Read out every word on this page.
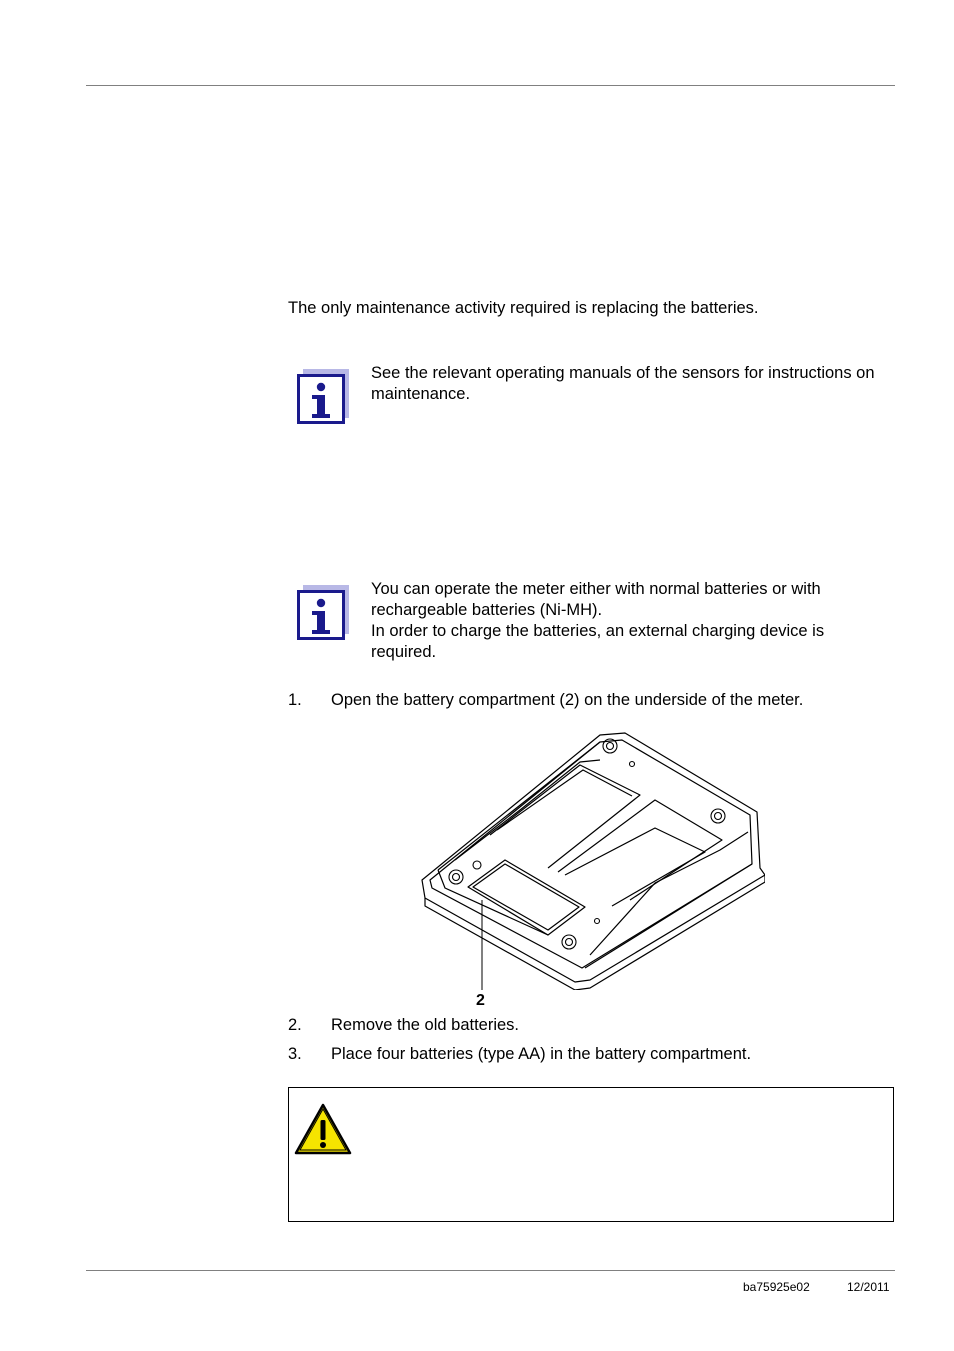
The only maintenance activity required is replacing the batteries.
See the relevant operating manuals of the sensors for instructions on maintenance.
You can operate the meter either with normal batteries or with
rechargeable batteries (Ni-MH).
In order to charge the batteries, an external charging device is
required.
1. Open the battery compartment (2) on the underside of the meter.
2
2. Remove the old batteries.
3. Place four batteries (type AA) in the battery compartment.
ba75925e02	12/2011
